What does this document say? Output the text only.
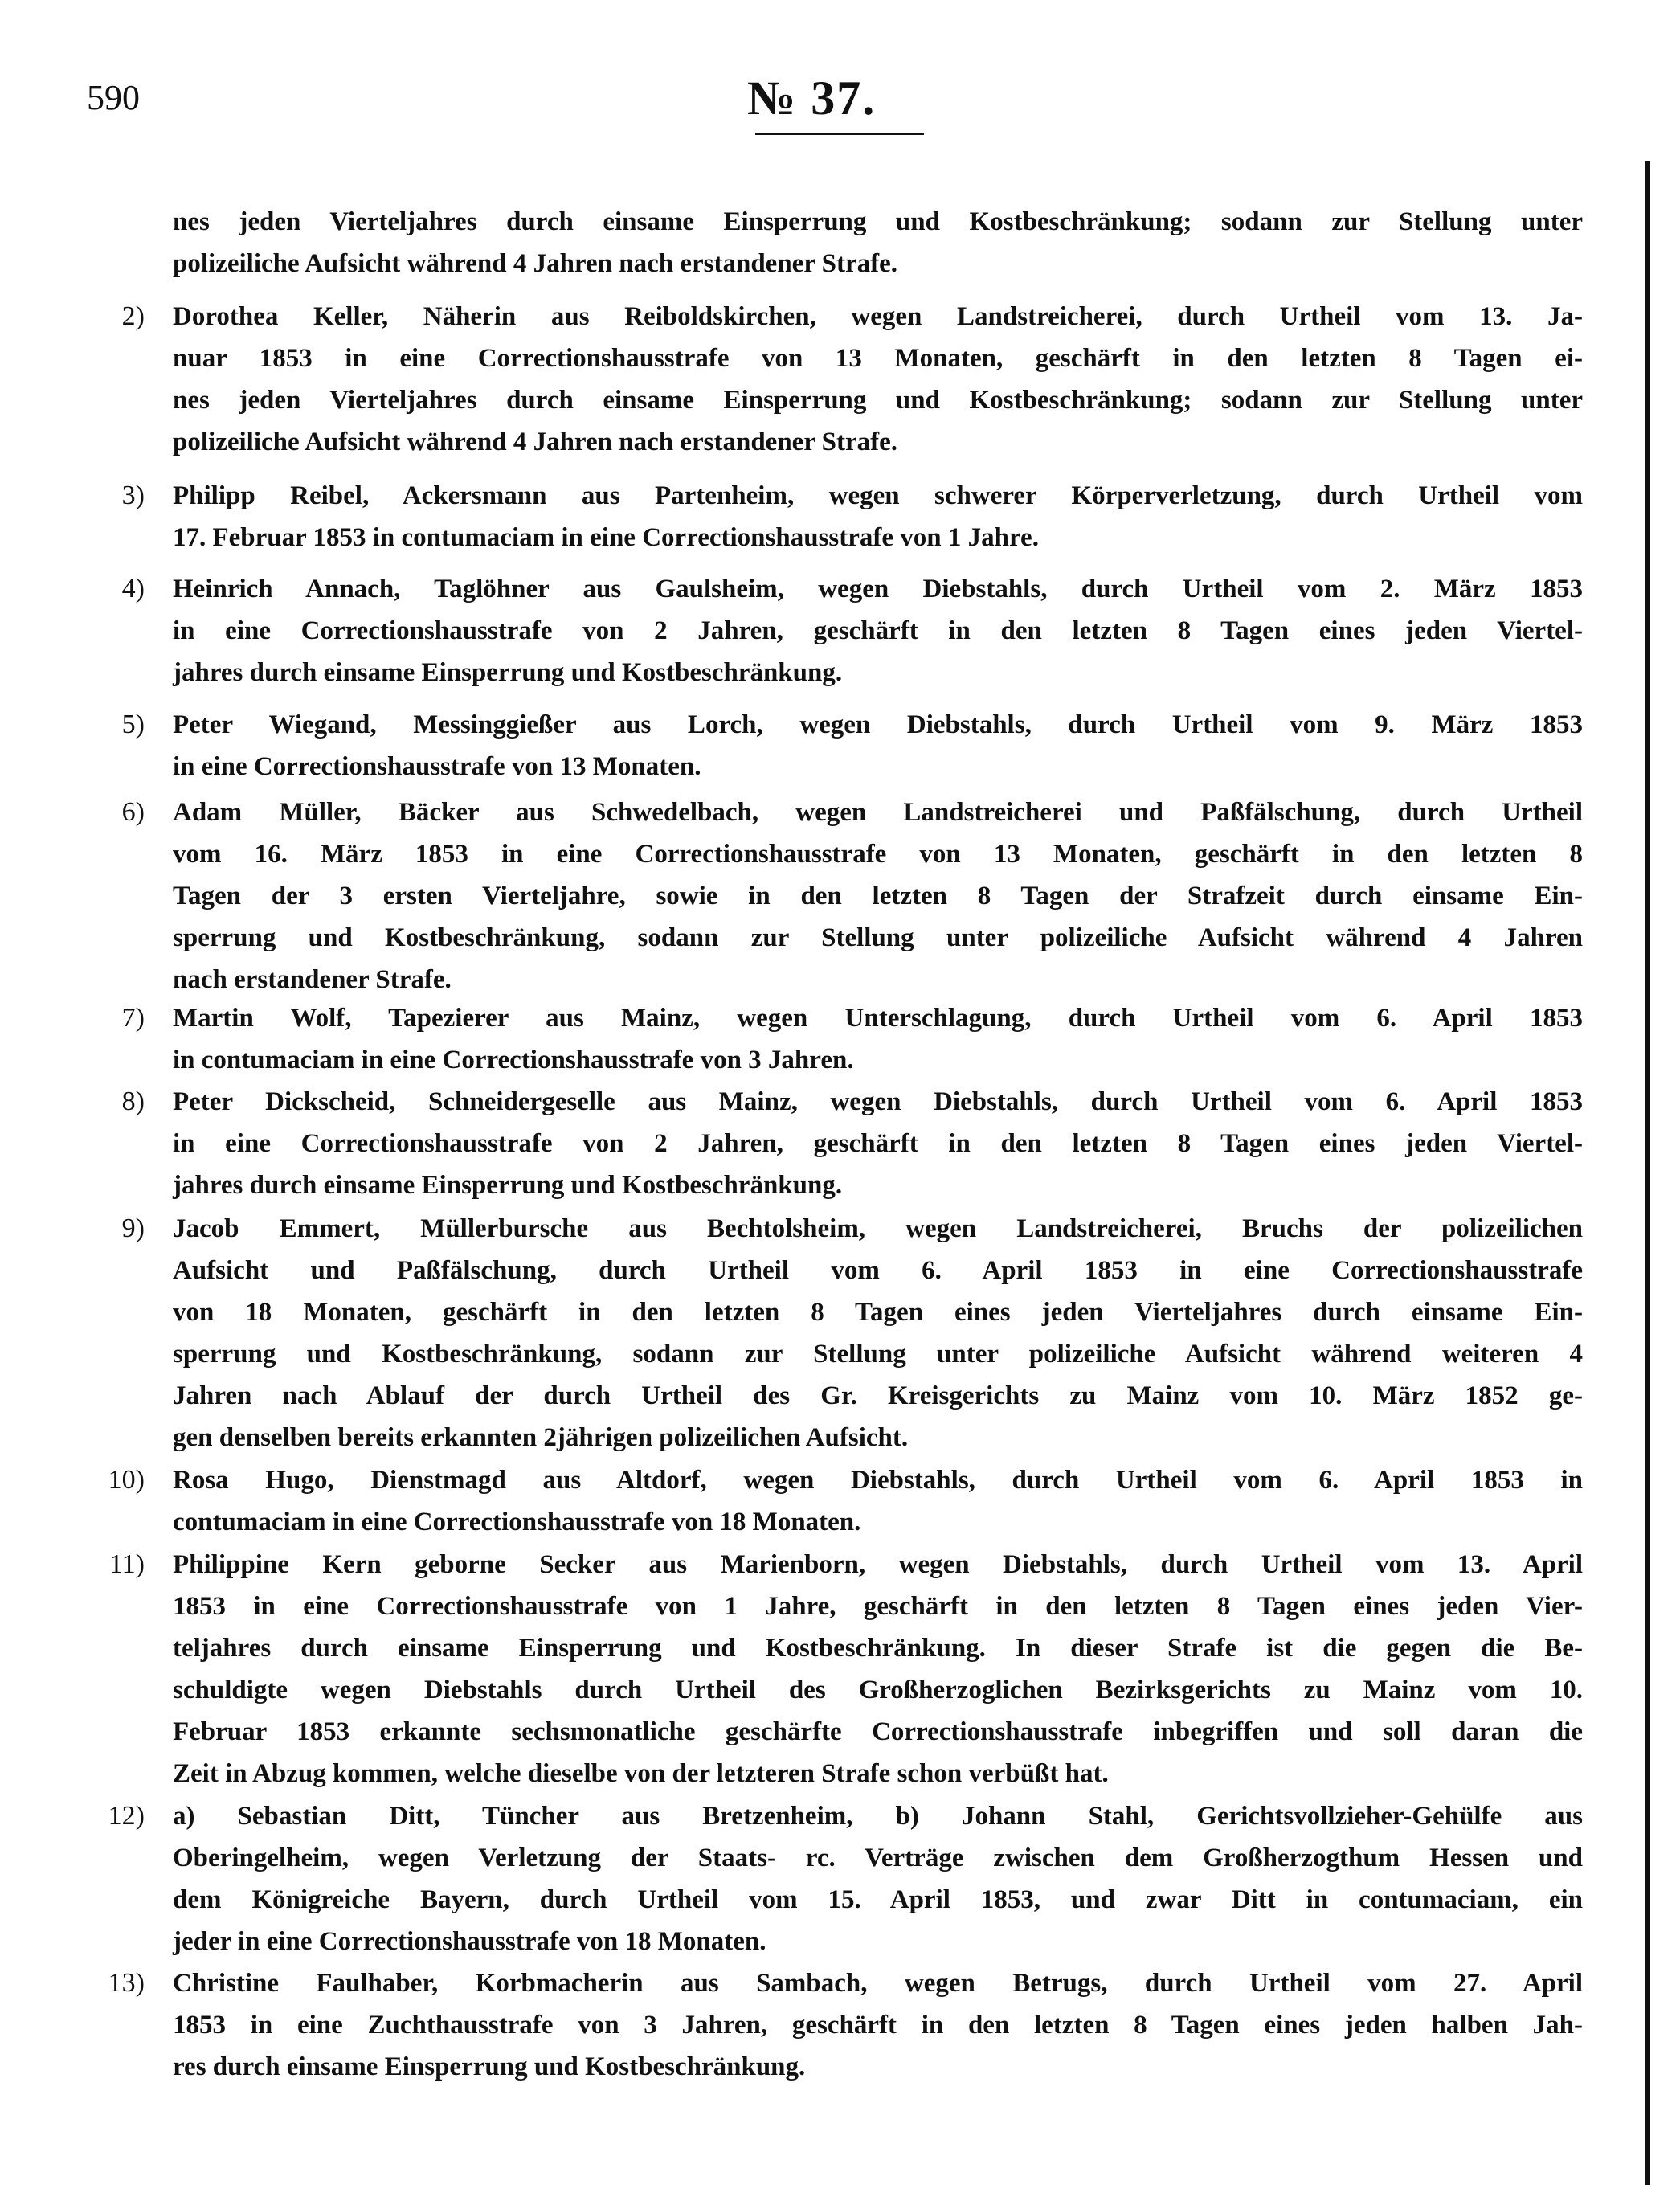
590	№ 37.
nes jeden Vierteljahres durch einsame Einsperrung und Kostbeschränkung; sodann zur Stellung unter
polizeiliche Aufsicht während 4 Jahren nach erstandener Strafe.
2) Dorothea Keller, Näherin aus Reiboldskirchen, wegen Landstreicherei, durch Urtheil vom 13. Ja-
nuar 1853 in eine Correctionshausstrafe von 13 Monaten, geschärft in den letzten 8 Tagen ei-
nes jeden Vierteljahres durch einsame Einsperrung und Kostbeschränkung; sodann zur Stellung unter
polizeiliche Aufsicht während 4 Jahren nach erstandener Strafe.
3) Philipp Reibel, Ackersmann aus Partenheim, wegen schwerer Körperverletzung, durch Urtheil vom
17. Februar 1853 in contumaciam in eine Correctionshausstrafe von 1 Jahre.
4) Heinrich Annach, Taglöhner aus Gaulsheim, wegen Diebstahls, durch Urtheil vom 2. März 1853
in eine Correctionshausstrafe von 2 Jahren, geschärft in den letzten 8 Tagen eines jeden Viertel-
jahres durch einsame Einsperrung und Kostbeschränkung.
5) Peter Wiegand, Messinggießer aus Lorch, wegen Diebstahls, durch Urtheil vom 9. März 1853
in eine Correctionshausstrafe von 13 Monaten.
6) Adam Müller, Bäcker aus Schwedelbach, wegen Landstreicherei und Paßfälschung, durch Urtheil
vom 16. März 1853 in eine Correctionshausstrafe von 13 Monaten, geschärft in den letzten 8
Tagen der 3 ersten Vierteljahre, sowie in den letzten 8 Tagen der Strafzeit durch einsame Ein-
sperrung und Kostbeschränkung, sodann zur Stellung unter polizeiliche Aufsicht während 4 Jahren
nach erstandener Strafe.
7) Martin Wolf, Tapezierer aus Mainz, wegen Unterschlagung, durch Urtheil vom 6. April 1853
in contumaciam in eine Correctionshausstrafe von 3 Jahren.
8) Peter Dickscheid, Schneidergeselle aus Mainz, wegen Diebstahls, durch Urtheil vom 6. April 1853
in eine Correctionshausstrafe von 2 Jahren, geschärft in den letzten 8 Tagen eines jeden Viertel-
jahres durch einsame Einsperrung und Kostbeschränkung.
9) Jacob Emmert, Müllerbursche aus Bechtolsheim, wegen Landstreicherei, Bruchs der polizeilichen
Aufsicht und Paßfälschung, durch Urtheil vom 6. April 1853 in eine Correctionshausstrafe
von 18 Monaten, geschärft in den letzten 8 Tagen eines jeden Vierteljahres durch einsame Ein-
sperrung und Kostbeschränkung, sodann zur Stellung unter polizeiliche Aufsicht während weiteren 4
Jahren nach Ablauf der durch Urtheil des Gr. Kreisgerichts zu Mainz vom 10. März 1852 ge-
gen denselben bereits erkannten 2jährigen polizeilichen Aufsicht.
10) Rosa Hugo, Dienstmagd aus Altdorf, wegen Diebstahls, durch Urtheil vom 6. April 1853 in
contumaciam in eine Correctionshausstrafe von 18 Monaten.
11) Philippine Kern geborne Secker aus Marienborn, wegen Diebstahls, durch Urtheil vom 13. April
1853 in eine Correctionshausstrafe von 1 Jahre, geschärft in den letzten 8 Tagen eines jeden Vier-
teljahres durch einsame Einsperrung und Kostbeschränkung. In dieser Strafe ist die gegen die Be-
schuldigte wegen Diebstahls durch Urtheil des Großherzoglichen Bezirksgerichts zu Mainz vom 10.
Februar 1853 erkannte sechsmonatliche geschärfte Correctionshausstrafe inbegriffen und soll daran die
Zeit in Abzug kommen, welche dieselbe von der letzteren Strafe schon verbüßt hat.
12) a) Sebastian Ditt, Tüncher aus Bretzenheim, b) Johann Stahl, Gerichtsvollzieher-Gehülfe aus
Oberingelheim, wegen Verletzung der Staats- rc. Verträge zwischen dem Großherzogthum Hessen und
dem Königreiche Bayern, durch Urtheil vom 15. April 1853, und zwar Ditt in contumaciam, ein
jeder in eine Correctionshausstrafe von 18 Monaten.
13) Christine Faulhaber, Korbmacherin aus Sambach, wegen Betrugs, durch Urtheil vom 27. April
1853 in eine Zuchthausstrafe von 3 Jahren, geschärft in den letzten 8 Tagen eines jeden halben Jah-
res durch einsame Einsperrung und Kostbeschränkung.
